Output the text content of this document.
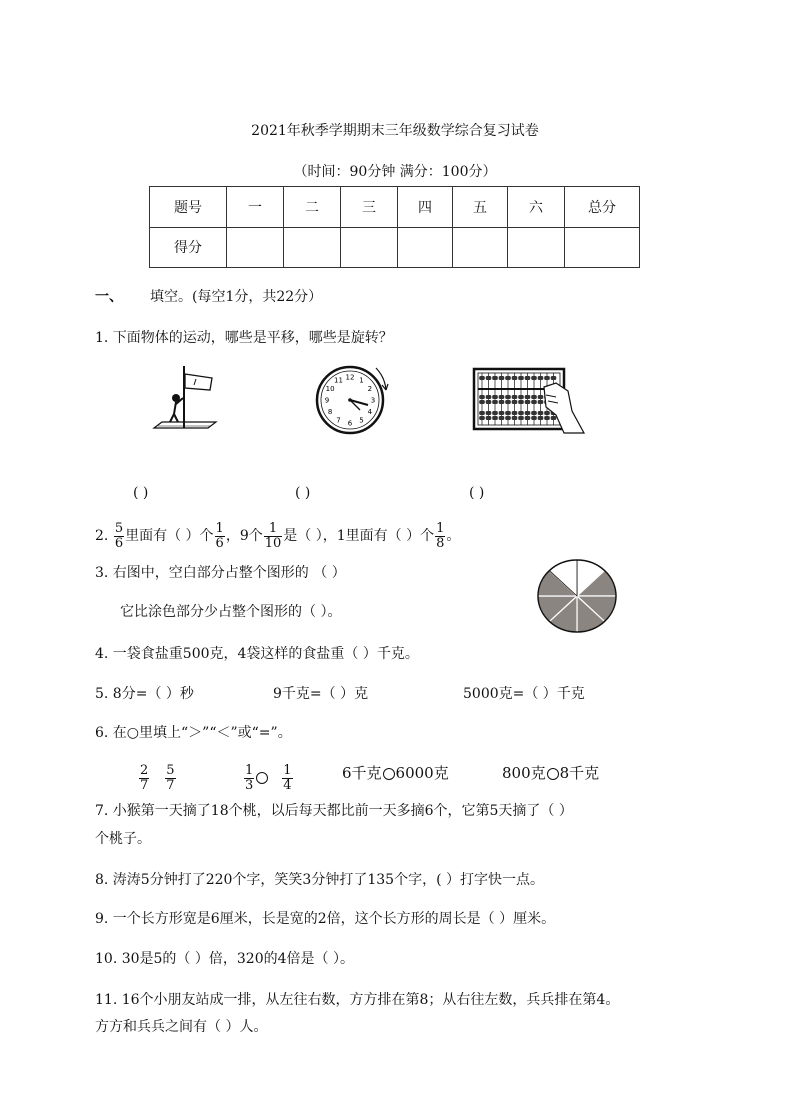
2021年秋季学期期末三年级数学综合复习试卷
（时间：90分钟 满分：100分）
题号	一	二	三	四	五	六	总分
得分							
一、 填空。(每空1分，共22分）
1. 下面物体的运动，哪些是平移，哪些是旋转？
12 1
2
3
4
5
6
7
8
9
10
11
( )	( )	( )
2. $\frac{5}{6}$ 里面有（ ）个 $\frac{1}{6}$ ，9个 $\frac{1}{10}$ 是（ ），1里面有（ ）个 $\frac{1}{8}$ 。
3. 右图中，空白部分占整个图形的 （ ）
它比涂色部分少占整个图形的（ ）。
4. 一袋食盐重500克，4袋这样的食盐重（ ）千克。
5. 8分=（ ）秒	9千克=（ ）克	5000克=（ ）千克
6. 在○里填上“＞”“＜”或“=”。
$\frac{2}{7} \frac{5}{7}$	$\frac{1}{3} \frac{1}{4}$	6千克 6000克	800克 8千克
7. 小猴第一天摘了18个桃，以后每天都比前一天多摘6个，它第5天摘了（ ）
个桃子。
8. 涛涛5分钟打了220个字，笑笑3分钟打了135个字，( ）打字快一点。
9. 一个长方形宽是6厘米，长是宽的2倍，这个长方形的周长是（ ）厘米。
10. 30是5的（ ）倍，320的4倍是（ ）。
11. 16个小朋友站成一排，从左往右数，方方排在第8；从右往左数，兵兵排在第4。
方方和兵兵之间有（ ）人。
